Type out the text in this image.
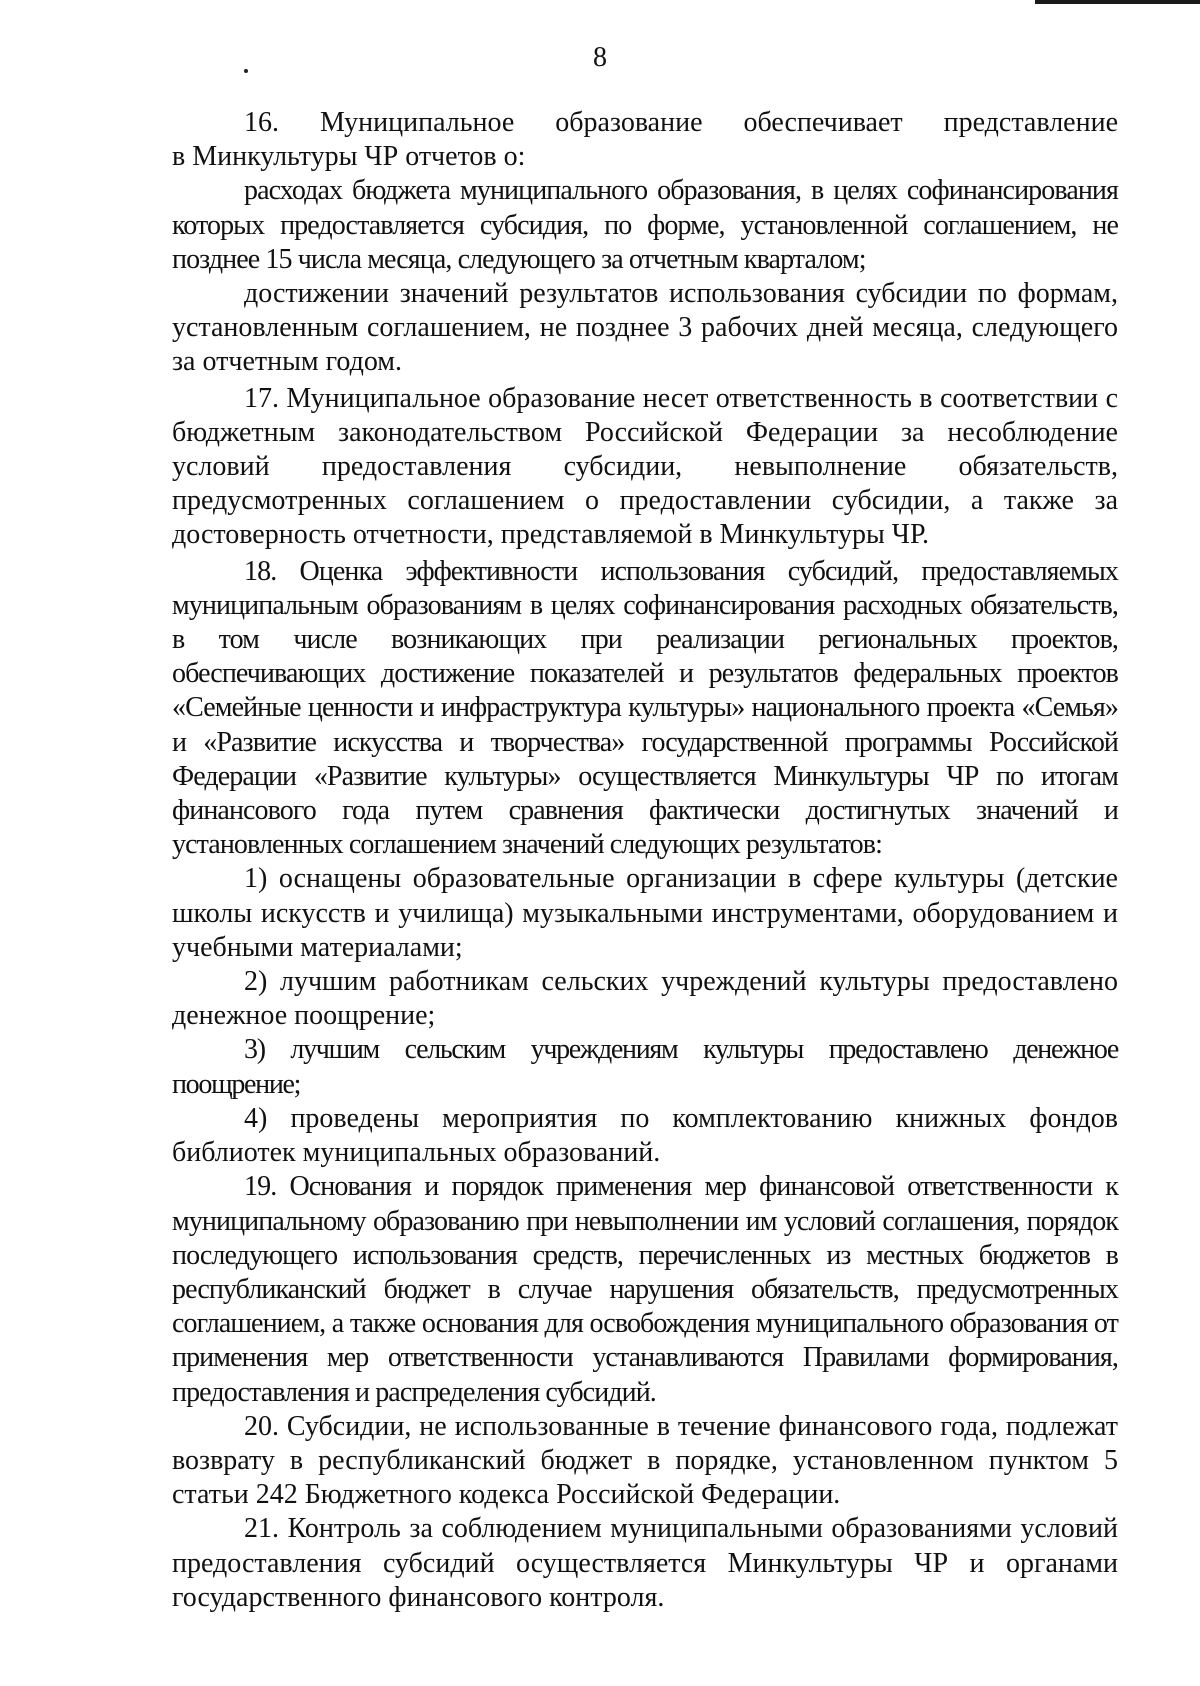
8

16. Муниципальное образование обеспечивает представление
в Минкультуры ЧР отчетов о:

расходах бюджета муниципального образования, в целях софинансирования которых предоставляется субсидия, по форме, установленной соглашением, не позднее 15 числа месяца, следующего за отчетным кварталом;

достижении значений результатов использования субсидии по формам, установленным соглашением, не позднее 3 рабочих дней месяца, следующего за отчетным годом.

17. Муниципальное образование несет ответственность в соответствии с бюджетным законодательством Российской Федерации за несоблюдение условий предоставления субсидии, невыполнение обязательств, предусмотренных соглашением о предоставлении субсидии, а также за достоверность отчетности, представляемой в Минкультуры ЧР.

18. Оценка эффективности использования субсидий, предоставляемых муниципальным образованиям в целях софинансирования расходных обязательств, в том числе возникающих при реализации региональных проектов, обеспечивающих достижение показателей и результатов федеральных проектов «Семейные ценности и инфраструктура культуры» национального проекта «Семья» и «Развитие искусства и творчества» государственной программы Российской Федерации «Развитие культуры» осуществляется Минкультуры ЧР по итогам финансового года путем сравнения фактически достигнутых значений и установленных соглашением значений следующих результатов:

1) оснащены образовательные организации в сфере культуры (детские школы искусств и училища) музыкальными инструментами, оборудованием и учебными материалами;

2) лучшим работникам сельских учреждений культуры предоставлено денежное поощрение;

3) лучшим сельским учреждениям культуры предоставлено денежное поощрение;

4) проведены мероприятия по комплектованию книжных фондов библиотек муниципальных образований.

19. Основания и порядок применения мер финансовой ответственности к муниципальному образованию при невыполнении им условий соглашения, порядок последующего использования средств, перечисленных из местных бюджетов в республиканский бюджет в случае нарушения обязательств, предусмотренных соглашением, а также основания для освобождения муниципального образования от применения мер ответственности устанавливаются Правилами формирования, предоставления и распределения субсидий.

20. Субсидии, не использованные в течение финансового года, подлежат возврату в республиканский бюджет в порядке, установленном пунктом 5 статьи 242 Бюджетного кодекса Российской Федерации.

21. Контроль за соблюдением муниципальными образованиями условий предоставления субсидий осуществляется Минкультуры ЧР и органами государственного финансового контроля.
